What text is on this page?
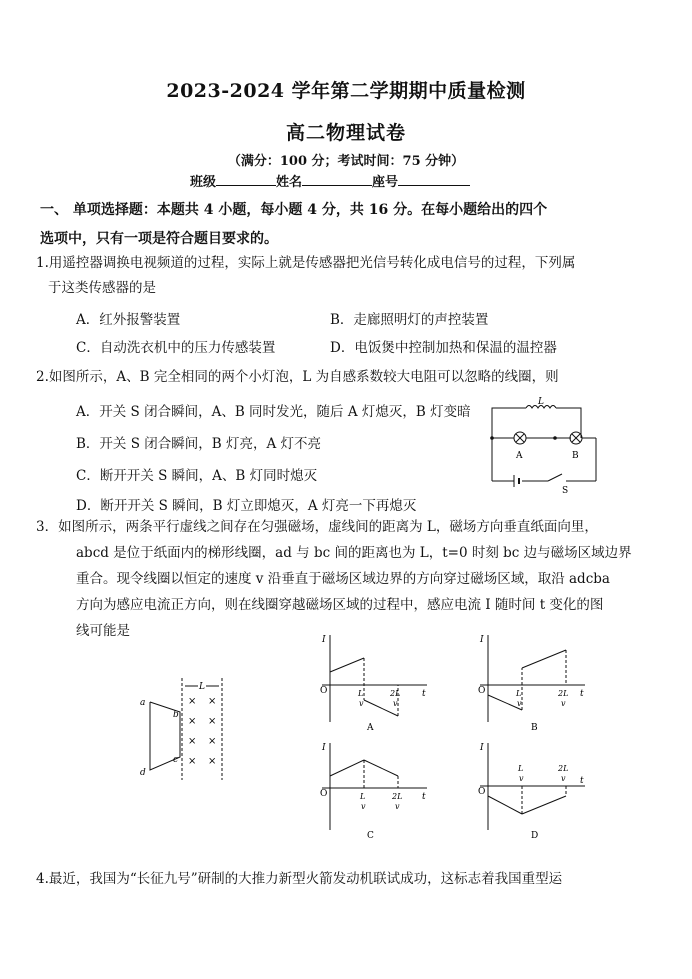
2023-2024 学年第二学期期中质量检测
高二物理试卷
（满分：100 分；考试时间：75 分钟）
班级	姓名	座号
一、 单项选择题：本题共 4 小题，每小题 4 分，共 16 分。在每小题给出的四个
选项中，只有一项是符合题目要求的。
1.用遥控器调换电视频道的过程，实际上就是传感器把光信号转化成电信号的过程，下列属
于这类传感器的是
A．红外报警装置	B．走廊照明灯的声控装置
C．自动洗衣机中的压力传感装置	D．电饭煲中控制加热和保温的温控器
2.如图所示，A、B 完全相同的两个小灯泡，L 为自感系数较大电阻可以忽略的线圈，则
A．开关 S 闭合瞬间，A、B 同时发光，随后 A 灯熄灭，B 灯变暗
B．开关 S 闭合瞬间，B 灯亮，A 灯不亮
C．断开开关 S 瞬间，A、B 灯同时熄灭
D．断开开关 S 瞬间，B 灯立即熄灭，A 灯亮一下再熄灭
L
A	B
S
3．如图所示，两条平行虚线之间存在匀强磁场，虚线间的距离为 L，磁场方向垂直纸面向里，
abcd 是位于纸面内的梯形线圈，ad 与 bc 间的距离也为 L，t=0 时刻 bc 边与磁场区域边界
重合。现令线圈以恒定的速度 v 沿垂直于磁场区域边界的方向穿过磁场区域，取沿 adcba
方向为感应电流正方向，则在线圈穿越磁场区域的过程中，感应电流 I 随时间 t 变化的图
线可能是
L
a
b
c
d
× ×
× ×
× ×
× ×
I
t
O	L
v
2L
v
A
I
t
O	L
v
2L
v
B
I
t
O	L
v
2L
v
C
I
t
O
L
v
2L
v
D
4.最近，我国为“长征九号”研制的大推力新型火箭发动机联试成功，这标志着我国重型运
